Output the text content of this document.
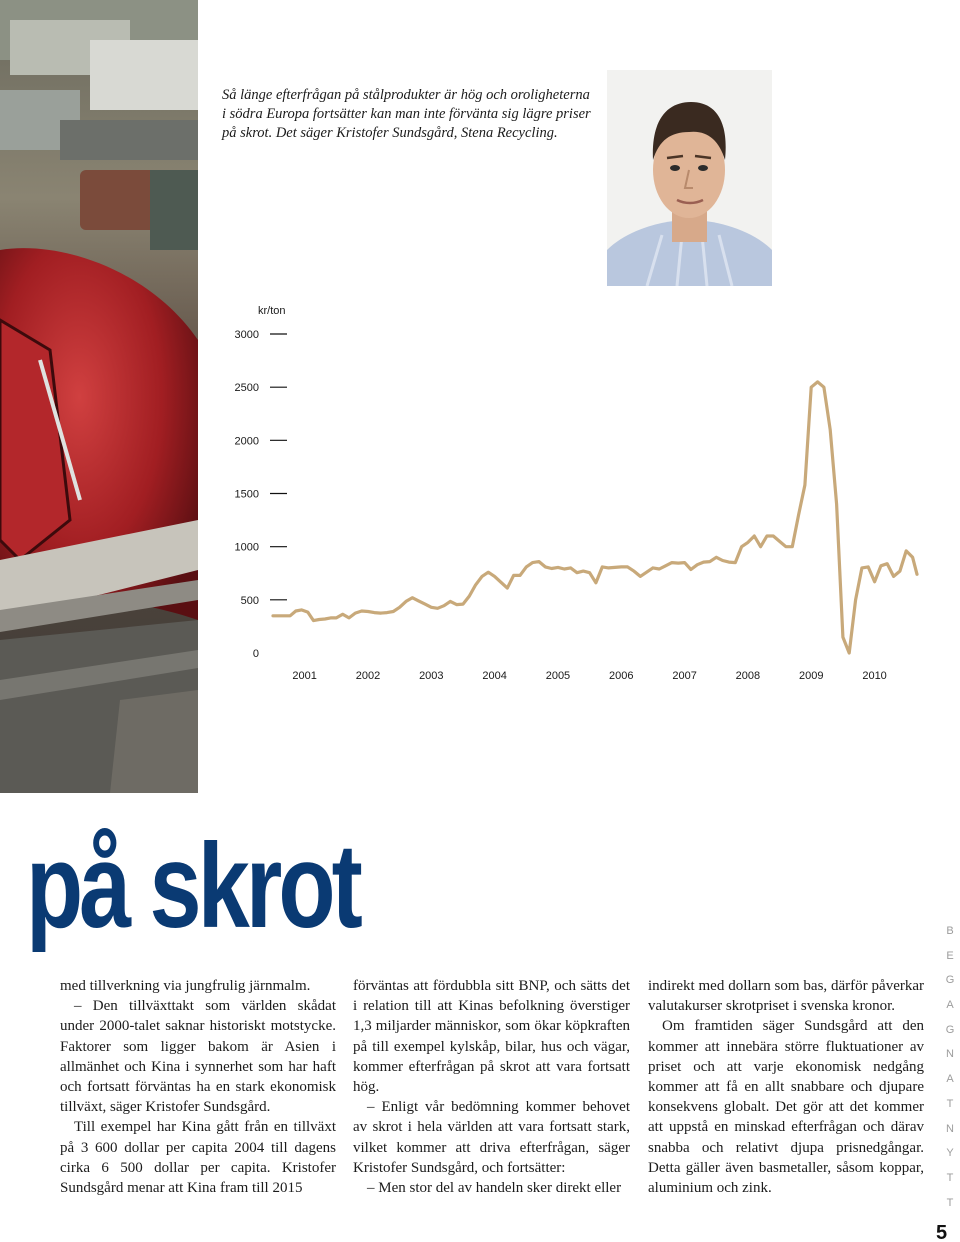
Så länge efterfrågan på stålprodukter är hög och oroligheterna i södra Europa fortsätter kan man inte förvänta sig lägre priser på skrot. Det säger Kristofer Sundsgård, Stena Recycling.
kr/ton
3000
2500
2000
1500
1000
500
0
2001	2002	2003	2004	2005	2006	2007	2008	2009	2010
på skrot

med tillverkning via jungfrulig järnmalm.

– Den tillväxttakt som världen skådat under 2000-talet saknar historiskt motstycke. Faktorer som ligger bakom är Asien i allmänhet och Kina i synnerhet som har haft och fortsatt förväntas ha en stark ekonomisk tillväxt, säger Kristofer Sundsgård.

Till exempel har Kina gått från en tillväxt på 3 600 dollar per capita 2004 till dagens cirka 6 500 dollar per capita. Kristofer Sundsgård menar att Kina fram till 2015

förväntas att fördubbla sitt BNP, och sätts det i relation till att Kinas befolkning överstiger 1,3 miljarder människor, som ökar köpkraften på till exempel kylskåp, bilar, hus och vägar, kommer efterfrågan på skrot att vara fortsatt hög.

– Enligt vår bedömning kommer behovet av skrot i hela världen att vara fortsatt stark, vilket kommer att driva efterfrågan, säger Kristofer Sundsgård, och fortsätter:

– Men stor del av handeln sker direkt eller

indirekt med dollarn som bas, därför påverkar valutakurser skrotpriset i svenska kronor.

Om framtiden säger Sundsgård att den kommer att innebära större fluktuationer av priset och att varje ekonomisk nedgång kommer att få en allt snabbare och djupare konsekvens globalt. Det gör att det kommer att uppstå en minskad efterfrågan och därav snabba och relativt djupa prisnedgångar. Detta gäller även basmetaller, såsom koppar, aluminium och zink.

B
E
G
A
G
N
A
T
N
Y
T
T
5
